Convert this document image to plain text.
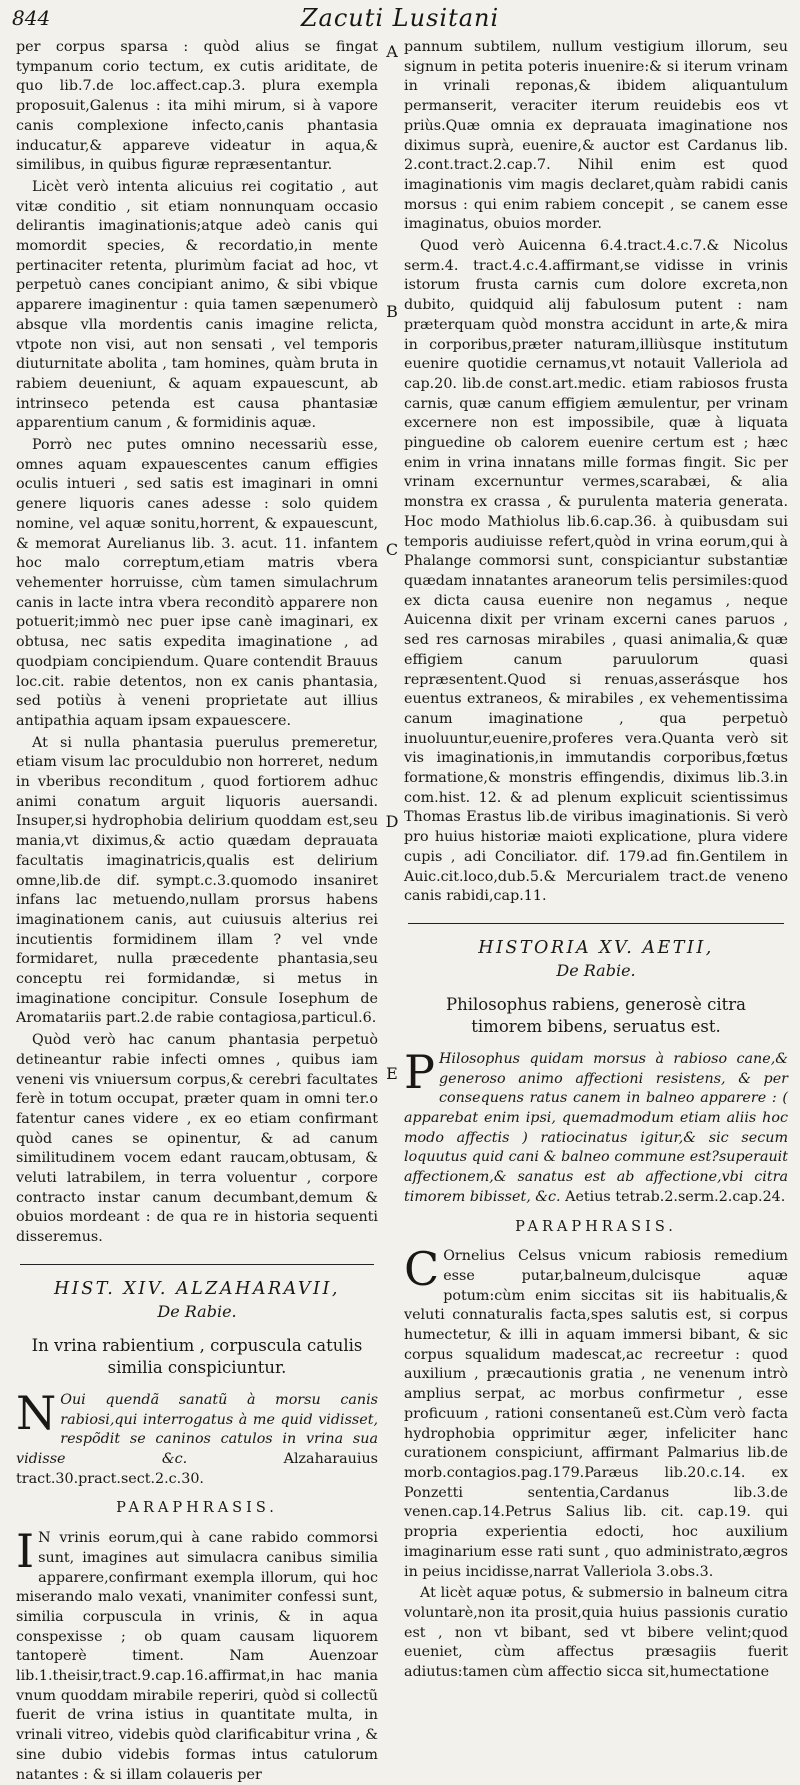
844	Zacuti Lusitani
A
B
C
D
E

per corpus sparsa : quòd alius se fingat tympanum corio tectum, ex cutis ariditate, de quo lib.7.de loc.affect.cap.3. plura exempla proposuit,Galenus : ita mihi mirum, si à vapore canis complexione infecto,canis phantasia inducatur,& appareve videatur in aqua,& similibus, in quibus figuræ repræsentantur.

Licèt verò intenta alicuius rei cogitatio , aut vitæ conditio , sit etiam nonnunquam occasio delirantis imaginationis;atque adeò canis qui momordit species, & recordatio,in mente pertinaciter retenta, plurimùm faciat ad hoc, vt perpetuò canes concipiant animo, & sibi vbique apparere imaginentur : quia tamen sæpenumerò absque vlla mordentis canis imagine relicta, vtpote non visi, aut non sensati , vel temporis diuturnitate abolita , tam homines, quàm bruta in rabiem deueniunt, & aquam expauescunt, ab intrinseco petenda est causa phantasiæ apparentium canum , & formidinis aquæ.

Porrò nec putes omnino necessariù esse, omnes aquam expauescentes canum effigies oculis intueri , sed satis est imaginari in omni genere liquoris canes adesse : solo quidem nomine, vel aquæ sonitu,horrent, & expauescunt, & memorat Aurelianus lib. 3. acut. 11. infantem hoc malo correptum,etiam matris vbera vehementer horruisse, cùm tamen simulachrum canis in lacte intra vbera reconditò apparere non potuerit;immò nec puer ipse canè imaginari, ex obtusa, nec satis expedita imaginatione , ad quodpiam concipiendum. Quare contendit Brauus loc.cit. rabie detentos, non ex canis phantasia, sed potiùs à veneni proprietate aut illius antipathia aquam ipsam expauescere.

At si nulla phantasia puerulus premeretur, etiam visum lac proculdubio non horreret, nedum in vberibus reconditum , quod fortiorem adhuc animi conatum arguit liquoris auersandi. Insuper,si hydrophobia delirium quoddam est,seu mania,vt diximus,& actio quædam deprauata facultatis imaginatricis,qualis est delirium omne,lib.de dif. sympt.c.3.quomodo insaniret infans lac metuendo,nullam prorsus habens imaginationem canis, aut cuiusuis alterius rei incutientis formidinem illam ? vel vnde formidaret, nulla præcedente phantasia,seu conceptu rei formidandæ, si metus in imaginatione concipitur. Consule Iosephum de Aromatariis part.2.de rabie contagiosa,particul.6.

Quòd verò hac canum phantasia perpetuò detineantur rabie infecti omnes , quibus iam veneni vis vniuersum corpus,& cerebri facultates ferè in totum occupat, præter quam in omni ter.o fatentur canes videre , ex eo etiam confirmant quòd canes se opinentur, & ad canum similitudinem vocem edant raucam,obtusam, & veluti latrabilem, in terra voluentur , corpore contracto instar canum decumbant,demum & obuios mordeant : de qua re in historia sequenti disseremus.

HIST. XIV. ALZAHARAVII,
De Rabie.
In vrina rabientium , corpuscula catulis similia conspiciuntur.
N Oui quendã sanatũ à morsu canis rabiosi,qui interrogatus à me quid vidisset, respõdit se caninos catulos in vrina sua vidisse &c.	Alzaharauius tract.30.pract.sect.2.c.30.
PARAPHRASIS.

I N vrinis eorum,qui à cane rabido commorsi sunt, imagines aut simulacra canibus similia apparere,confirmant exempla illorum, qui hoc miserando malo vexati, vnanimiter confessi sunt, similia corpuscula in vrinis, & in aqua conspexisse ; ob quam causam liquorem tantoperè timent. Nam Auenzoar lib.1.theisir,tract.9.cap.16.affirmat,in hac mania vnum quoddam mirabile reperiri, quòd si collectũ fuerit de vrina istius in quantitate multa, in vrinali vitreo, videbis quòd clarificabitur vrina , & sine dubio videbis formas intus catulorum natantes : & si illam colaueris per

pannum subtilem, nullum vestigium illorum, seu signum in petita poteris inuenire:& si iterum vrinam in vrinali reponas,& ibidem aliquantulum permanserit, veraciter iterum reuidebis eos vt priùs.Quæ omnia ex deprauata imaginatione nos diximus suprà, euenire,& auctor est Cardanus lib. 2.cont.tract.2.cap.7. Nihil enim est quod imaginationis vim magis declaret,quàm rabidi canis morsus : qui enim rabiem concepit , se canem esse imaginatus, obuios morder.

Quod verò Auicenna 6.4.tract.4.c.7.& Nicolus serm.4. tract.4.c.4.affirmant,se vidisse in vrinis istorum frusta carnis cum dolore excreta,non dubito, quidquid alij fabulosum putent : nam præterquam quòd monstra accidunt in arte,& mira in corporibus,præter naturam,illiùsque institutum euenire quotidie cernamus,vt notauit Valleriola ad cap.20. lib.de const.art.medic. etiam rabiosos frusta carnis, quæ canum effigiem æmulentur, per vrinam excernere non est impossibile, quæ à liquata pinguedine ob calorem euenire certum est ; hæc enim in vrina innatans mille formas fingit. Sic per vrinam excernuntur vermes,scarabæi, & alia monstra ex crassa , & purulenta materia generata. Hoc modo Mathiolus lib.6.cap.36. à quibusdam sui temporis audiuisse refert,quòd in vrina eorum,qui à Phalange commorsi sunt, conspiciantur substantiæ quædam innatantes araneorum telis persimiles:quod ex dicta causa euenire non negamus , neque Auicenna dixit per vrinam excerni canes paruos , sed res carnosas mirabiles , quasi animalia,& quæ effigiem canum paruulorum quasi repræsentent.Quod si renuas,asserásque hos euentus extraneos, & mirabiles , ex vehementissima canum imaginatione , qua perpetuò inuoluuntur,euenire,proferes vera.Quanta verò sit vis imaginationis,in immutandis corporibus,fœtus formatione,& monstris effingendis, diximus lib.3.in com.hist. 12. & ad plenum explicuit scientissimus Thomas Erastus lib.de viribus imaginationis. Si verò pro huius historiæ maioti explicatione, plura videre cupis , adi Conciliator. dif. 179.ad fin.Gentilem in Auic.cit.loco,dub.5.& Mercurialem tract.de veneno canis rabidi,cap.11.

HISTORIA XV. AETII,
De Rabie.
Philosophus rabiens, generosè citra timorem bibens, seruatus est.
P Hilosophus quidam morsus à rabioso cane,& generoso animo affectioni resistens, & per consequens ratus canem in balneo apparere : ( apparebat enim ipsi, quemadmodum etiam aliis hoc modo affectis ) ratiocinatus igitur,& sic secum loquutus quid cani & balneo commune est?superauit affectionem,& sanatus est ab affectione,vbi citra timorem bibisset, &c. Aetius tetrab.2.serm.2.cap.24.
PARAPHRASIS.

C Ornelius Celsus vnicum rabiosis remedium esse putar,balneum,dulcisque aquæ potum:cùm enim siccitas sit iis habitualis,& veluti connaturalis facta,spes salutis est, si corpus humectetur, & illi in aquam immersi bibant, & sic corpus squalidum madescat,ac recreetur : quod auxilium , præcautionis gratia , ne venenum intrò amplius serpat, ac morbus confirmetur , esse proficuum , rationi consentaneũ est.Cùm verò facta hydrophobia opprimitur æger, infeliciter hanc curationem conspiciunt, affirmant Palmarius lib.de morb.contagios.pag.179.Paræus lib.20.c.14. ex Ponzetti sententia,Cardanus lib.3.de venen.cap.14.Petrus Salius lib. cit. cap.19. qui propria experientia edocti, hoc auxilium imaginarium esse rati sunt , quo administrato,ægros in peius incidisse,narrat Valleriola 3.obs.3.

At licèt aquæ potus, & submersio in balneum citra voluntarè,non ita prosit,quia huius passionis curatio est , non vt bibant, sed vt bibere velint;quod eueniet, cùm affectus præsagiis fuerit adiutus:tamen cùm affectio sicca sit,humectatione
